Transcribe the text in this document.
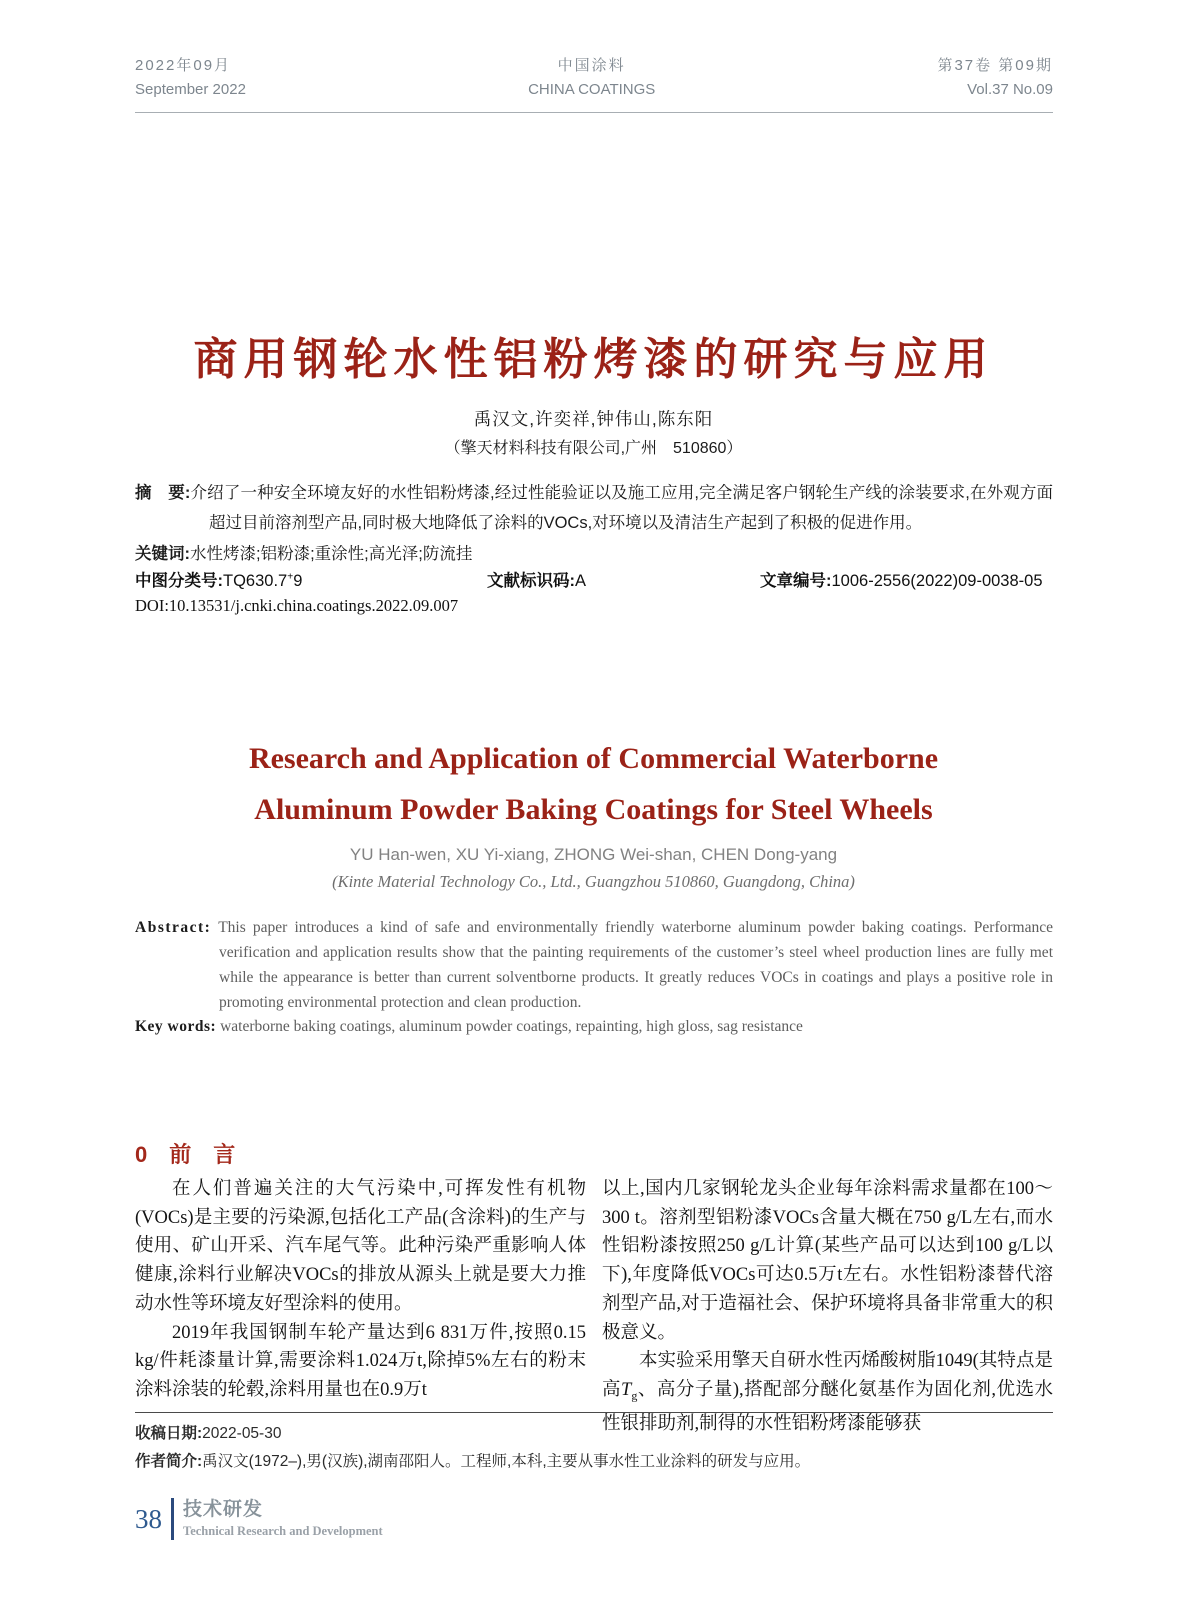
2022年09月
September 2022
中国涂料
CHINA COATINGS
第37卷 第09期
Vol.37 No.09
商用钢轮水性铝粉烤漆的研究与应用
禹汉文,许奕祥,钟伟山,陈东阳
（擎天材料科技有限公司,广州　510860）
摘　要:介绍了一种安全环境友好的水性铝粉烤漆,经过性能验证以及施工应用,完全满足客户钢轮生产线的涂装要求,在外观方面超过目前溶剂型产品,同时极大地降低了涂料的VOCs,对环境以及清洁生产起到了积极的促进作用。
关键词:水性烤漆;铝粉漆;重涂性;高光泽;防流挂
中图分类号:TQ630.7+9	文献标识码:A	文章编号:1006-2556(2022)09-0038-05
DOI:10.13531/j.cnki.china.coatings.2022.09.007
Research and Application of Commercial Waterborne
Aluminum Powder Baking Coatings for Steel Wheels
YU Han-wen, XU Yi-xiang, ZHONG Wei-shan, CHEN Dong-yang
(Kinte Material Technology Co., Ltd., Guangzhou 510860, Guangdong, China)
Abstract: This paper introduces a kind of safe and environmentally friendly waterborne aluminum powder baking coatings. Performance verification and application results show that the painting requirements of the customer’s steel wheel production lines are fully met while the appearance is better than current solventborne products. It greatly reduces VOCs in coatings and plays a positive role in promoting environmental protection and clean production.
Key words: waterborne baking coatings, aluminum powder coatings, repainting, high gloss, sag resistance
0　前　言

在人们普遍关注的大气污染中,可挥发性有机物(VOCs)是主要的污染源,包括化工产品(含涂料)的生产与使用、矿山开采、汽车尾气等。此种污染严重影响人体健康,涂料行业解决VOCs的排放从源头上就是要大力推动水性等环境友好型涂料的使用。

2019年我国钢制车轮产量达到6 831万件,按照0.15 kg/件耗漆量计算,需要涂料1.024万t,除掉5%左右的粉末涂料涂装的轮毂,涂料用量也在0.9万t

以上,国内几家钢轮龙头企业每年涂料需求量都在100～300 t。溶剂型铝粉漆VOCs含量大概在750 g/L左右,而水性铝粉漆按照250 g/L计算(某些产品可以达到100 g/L以下),年度降低VOCs可达0.5万t左右。水性铝粉漆替代溶剂型产品,对于造福社会、保护环境将具备非常重大的积极意义。

本实验采用擎天自研水性丙烯酸树脂1049(其特点是高$T_g$、高分子量),搭配部分醚化氨基作为固化剂,优选水性银排助剂,制得的水性铝粉烤漆能够获

收稿日期:2022-05-30
作者简介:禹汉文(1972–),男(汉族),湖南邵阳人。工程师,本科,主要从事水性工业涂料的研发与应用。
38 技术研发
Technical Research and Development
